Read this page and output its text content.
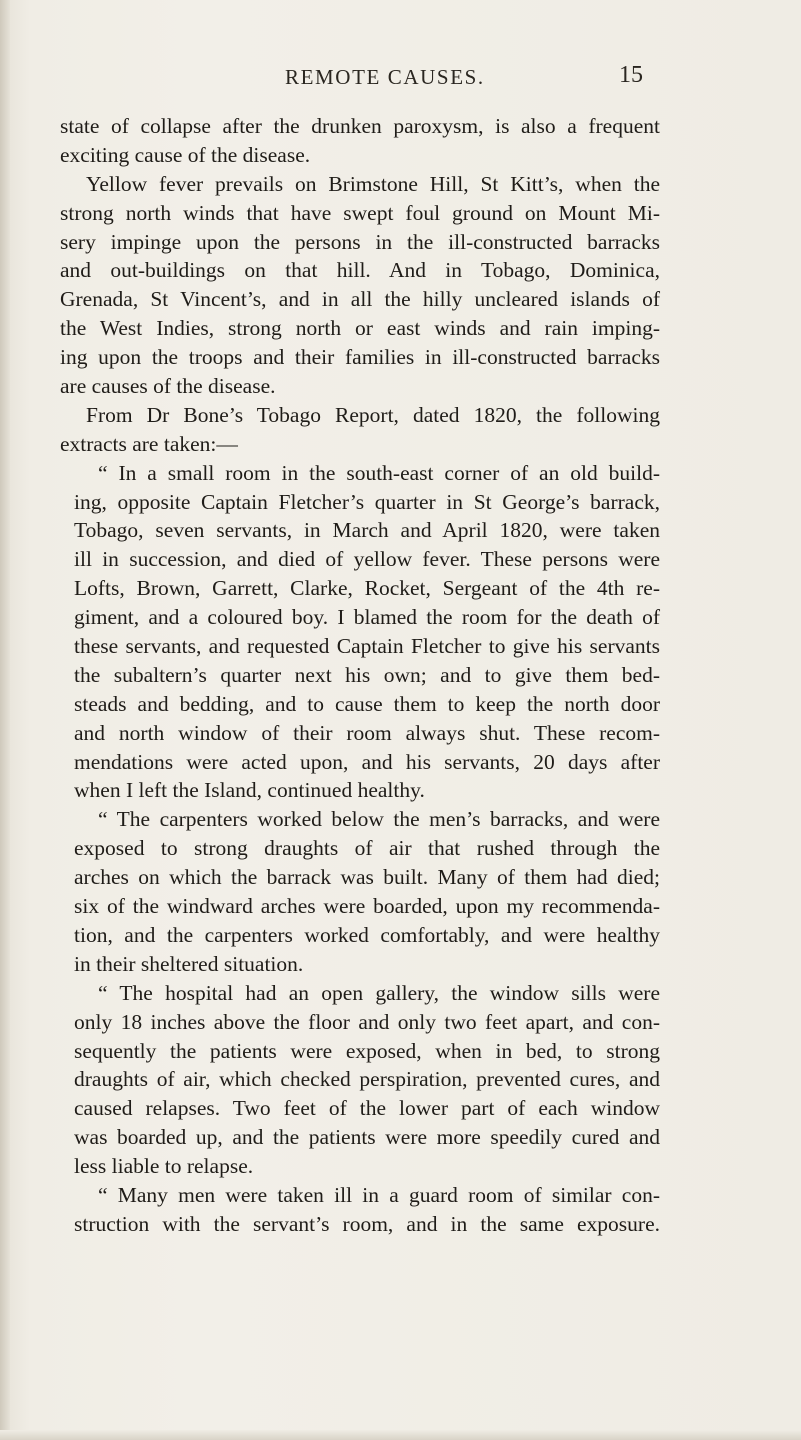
REMOTE CAUSES.	15
state of collapse after the drunken paroxysm, is also a frequent
exciting cause of the disease.
Yellow fever prevails on Brimstone Hill, St Kitt’s, when the
strong north winds that have swept foul ground on Mount Mi-
sery impinge upon the persons in the ill-constructed barracks
and out-buildings on that hill. And in Tobago, Dominica,
Grenada, St Vincent’s, and in all the hilly uncleared islands of
the West Indies, strong north or east winds and rain imping-
ing upon the troops and their families in ill-constructed barracks
are causes of the disease.
From Dr Bone’s Tobago Report, dated 1820, the following
extracts are taken:—
“ In a small room in the south-east corner of an old build-
ing, opposite Captain Fletcher’s quarter in St George’s barrack,
Tobago, seven servants, in March and April 1820, were taken
ill in succession, and died of yellow fever. These persons were
Lofts, Brown, Garrett, Clarke, Rocket, Sergeant of the 4th re-
giment, and a coloured boy. I blamed the room for the death of
these servants, and requested Captain Fletcher to give his servants
the subaltern’s quarter next his own; and to give them bed-
steads and bedding, and to cause them to keep the north door
and north window of their room always shut. These recom-
mendations were acted upon, and his servants, 20 days after
when I left the Island, continued healthy.
“ The carpenters worked below the men’s barracks, and were
exposed to strong draughts of air that rushed through the
arches on which the barrack was built. Many of them had died;
six of the windward arches were boarded, upon my recommenda-
tion, and the carpenters worked comfortably, and were healthy
in their sheltered situation.
“ The hospital had an open gallery, the window sills were
only 18 inches above the floor and only two feet apart, and con-
sequently the patients were exposed, when in bed, to strong
draughts of air, which checked perspiration, prevented cures, and
caused relapses. Two feet of the lower part of each window
was boarded up, and the patients were more speedily cured and
less liable to relapse.
“ Many men were taken ill in a guard room of similar con-
struction with the servant’s room, and in the same exposure.
